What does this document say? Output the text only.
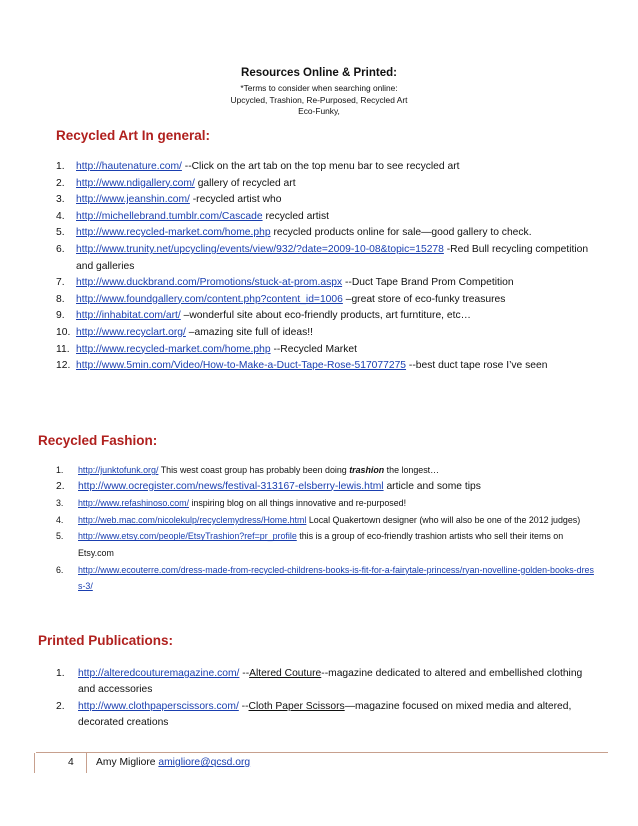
Resources Online & Printed:
*Terms to consider when searching online:
Upcycled, Trashion, Re-Purposed, Recycled Art
Eco-Funky,
Recycled Art In general:
1. http://hautenature.com/ --Click on the art tab on the top menu bar to see recycled art
2. http://www.ndigallery.com/ gallery of recycled art
3. http://www.jeanshin.com/ -recycled artist who
4. http://michellebrand.tumblr.com/Cascade recycled artist
5. http://www.recycled-market.com/home.php recycled products online for sale—good gallery to check.
6. http://www.trunity.net/upcycling/events/view/932/?date=2009-10-08&topic=15278 -Red Bull recycling competition and galleries
7. http://www.duckbrand.com/Promotions/stuck-at-prom.aspx --Duct Tape Brand Prom Competition
8. http://www.foundgallery.com/content.php?content_id=1006 –great store of eco-funky treasures
9. http://inhabitat.com/art/ –wonderful site about eco-friendly products, art furntiture, etc…
10. http://www.recyclart.org/ –amazing site full of ideas!!
11. http://www.recycled-market.com/home.php --Recycled Market
12. http://www.5min.com/Video/How-to-Make-a-Duct-Tape-Rose-517077275 --best duct tape rose I’ve seen
Recycled Fashion:
1. http://junktofunk.org/ This west coast group has probably been doing trashion the longest…
2. http://www.ocregister.com/news/festival-313167-elsberry-lewis.html article and some tips
3. http://www.refashinoso.com/ inspiring blog on all things innovative and re-purposed!
4. http://web.mac.com/nicolekulp/recyclemydress/Home.html Local Quakertown designer (who will also be one of the 2012 judges)
5. http://www.etsy.com/people/EtsyTrashion?ref=pr_profile this is a group of eco-friendly trashion artists who sell their items on Etsy.com
6. http://www.ecouterre.com/dress-made-from-recycled-childrens-books-is-fit-for-a-fairytale-princess/ryan-novelline-golden-books-dress-3/
Printed Publications:
1. http://alteredcouturemagazine.com/ --Altered Couture--magazine dedicated to altered and embellished clothing and accessories
2. http://www.clothpaperscissors.com/ --Cloth Paper Scissors—magazine focused on mixed media and altered, decorated creations
4 Amy Migliore amigliore@qcsd.org
